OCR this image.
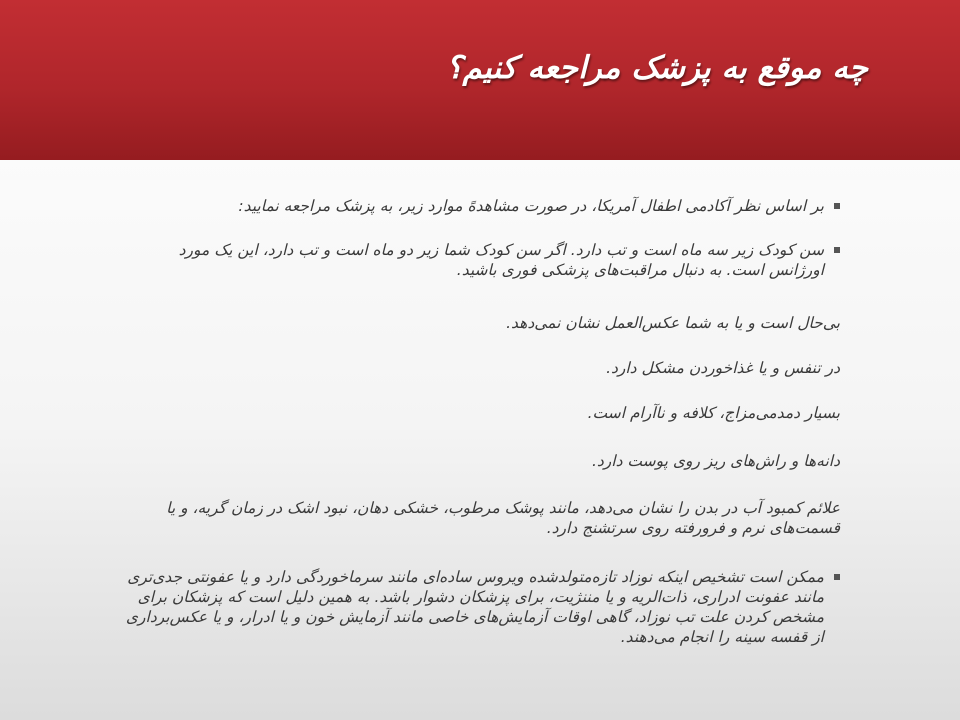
چه موقع به پزشک مراجعه کنیم؟
بر اساس نظر آکادمی اطفال آمریکا، در صورت مشاهدهً موارد زیر، به پزشک مراجعه نمایید:
سن کودک زیر سه ماه است و تب دارد. اگر سن کودک شما زیر دو ماه است و تب دارد، این یک مورد اورژانس است. به دنبال مراقبت‌های پزشکی فوری باشید.
بی‌حال است و یا به شما عکس‌العمل نشان نمی‌دهد.
در تنفس و یا غذاخوردن مشکل دارد.
بسیار دمدمی‌مزاج، کلافه و ناآرام است.
دانه‌ها و راش‌های ریز روی پوست دارد.
علائم کمبود آب در بدن را نشان می‌دهد، مانند پوشک مرطوب، خشکی دهان، نبود اشک در زمان گریه، و یا قسمت‌های نرم و فرورفته روی سرتشنج دارد.
ممکن است تشخیص اینکه نوزاد تازه‌متولدشده ویروس ساده‌ای مانند سرماخوردگی دارد و یا عفونتی جدی‌تری مانند عفونت ادراری، ذات‌الریه و یا مننژیت، برای پزشکان دشوار باشد. به همین دلیل است که پزشکان برای مشخص کردن علت تب نوزاد، گاهی اوقات آزمایش‌های خاصی مانند آزمایش خون و یا ادرار، و یا عکس‌برداری از قفسه سینه را انجام می‌دهند.
